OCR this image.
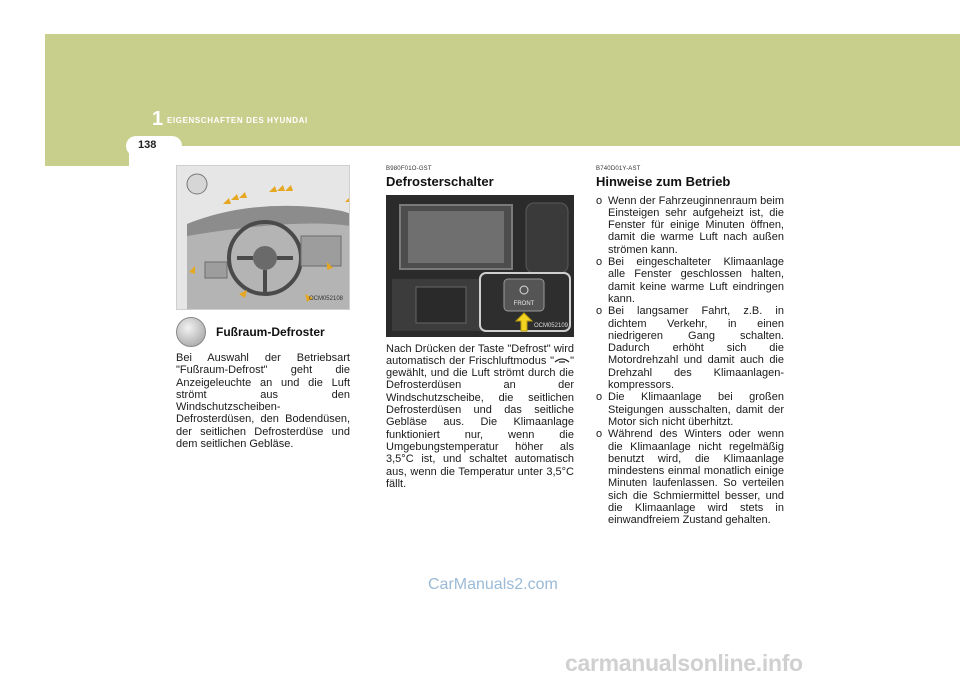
1 EIGENSCHAFTEN DES HYUNDAI
138
OCM052108
Fußraum-Defroster
Bei Auswahl der Betriebsart "Fußraum-Defrost" geht die Anzeigeleuchte an und die Luft strömt aus den Windschutzscheiben-Defrosterdüsen, den Bodendüsen, der seitlichen Defrosterdüse und dem seitlichen Gebläse.
B980F01O-GST
Defrosterschalter
FRONT
OCM052109
Nach Drücken der Taste "Defrost" wird automatisch der Frischluftmodus " " gewählt, und die Luft strömt durch die Defrosterdüsen an der Windschutzscheibe, die seitlichen Defrosterdüsen und das seitliche Gebläse aus. Die Klimaanlage funktioniert nur, wenn die Umgebungstemperatur höher als 3,5°C ist, und schaltet automatisch aus, wenn die Temperatur unter 3,5°C fällt.
B740D01Y-AST
Hinweise zum Betrieb
o Wenn der Fahrzeuginnenraum beim Einsteigen sehr aufgeheizt ist, die Fenster für einige Minuten öffnen, damit die warme Luft nach außen strömen kann.
o Bei eingeschalteter Klimaanlage alle Fenster geschlossen halten, damit keine warme Luft eindringen kann.
o Bei langsamer Fahrt, z.B. in dichtem Verkehr, in einen niedrigeren Gang schalten. Dadurch erhöht sich die Motordrehzahl und damit auch die Drehzahl des Klimaanlagen-kompressors.
o Die Klimaanlage bei großen Steigungen ausschalten, damit der Motor sich nicht überhitzt.
o Während des Winters oder wenn die Klimaanlage nicht regelmäßig benutzt wird, die Klimaanlage mindestens einmal monatlich einige Minuten laufenlassen. So verteilen sich die Schmiermittel besser, und die Klimaanlage wird stets in einwandfreiem Zustand gehalten.
CarManuals2.com
carmanualsonline.info
